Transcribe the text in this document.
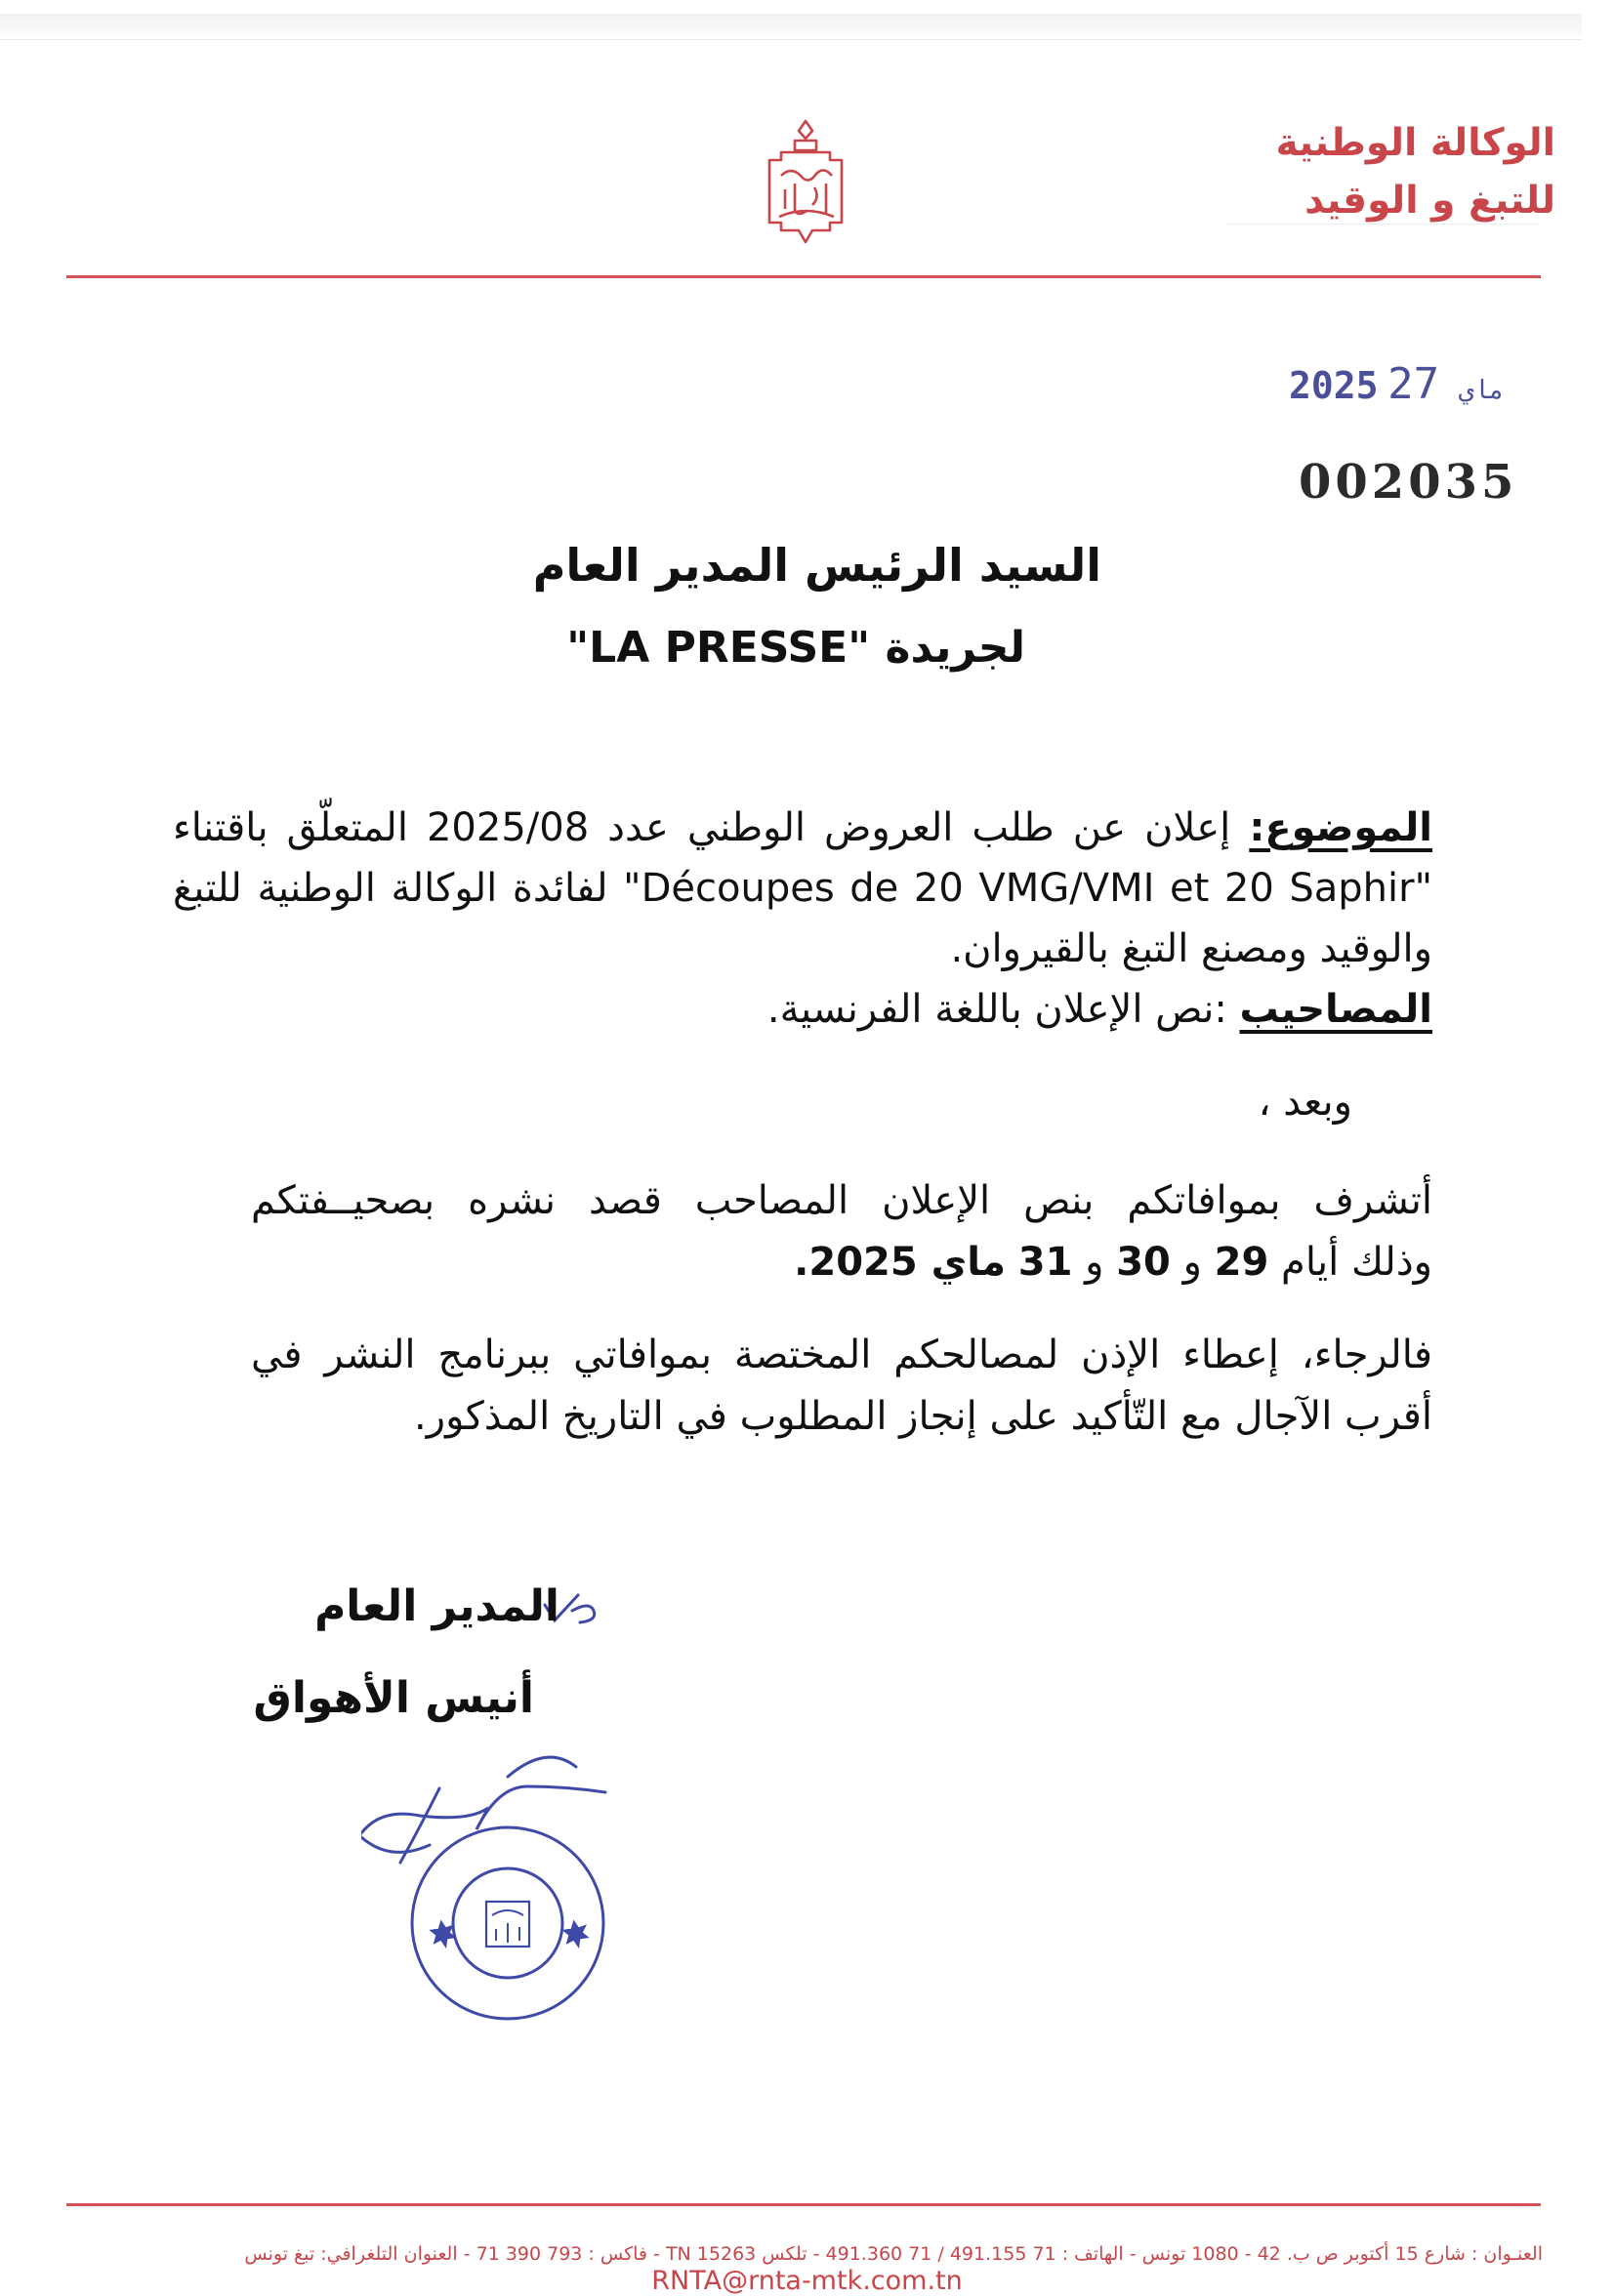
الوكالة الوطنية
للتبغ و الوقيد
2025	ماي 27
002035
السيد الرئيس المدير العام
لجريدة "LA PRESSE"
الموضوع: إعلان عن طلب العروض الوطني عدد 2025/08 المتعلّق باقتناء
"Découpes de 20 VMG/VMI et 20 Saphir" لفائدة الوكالة الوطنية للتبغ
والوقيد ومصنع التبغ بالقيروان.
المصاحيب :نص الإعلان باللغة الفرنسية.
وبعد ،
أتشرف بموافاتكم بنص الإعلان المصاحب قصد نشره بصحيــفتكم
وذلك أيام 29 و 30 و 31 ماي 2025.
فالرجاء، إعطاء الإذن لمصالحكم المختصة بموافاتي ببرنامج النشر في
أقرب الآجال مع التّأكيد على إنجاز المطلوب في التاريخ المذكور.
المدير العام
أنيس الأهواق
العنـوان : شارع 15 أكتوبر ص ب. 42 - 1080 تونس - الهاتف : 71 491.155 / 71 491.360 - تلكس TN 15263 - فاكس : 793 390 71 - العنوان التلغرافي: تبغ تونس
RNTA@rnta-mtk.com.tn
